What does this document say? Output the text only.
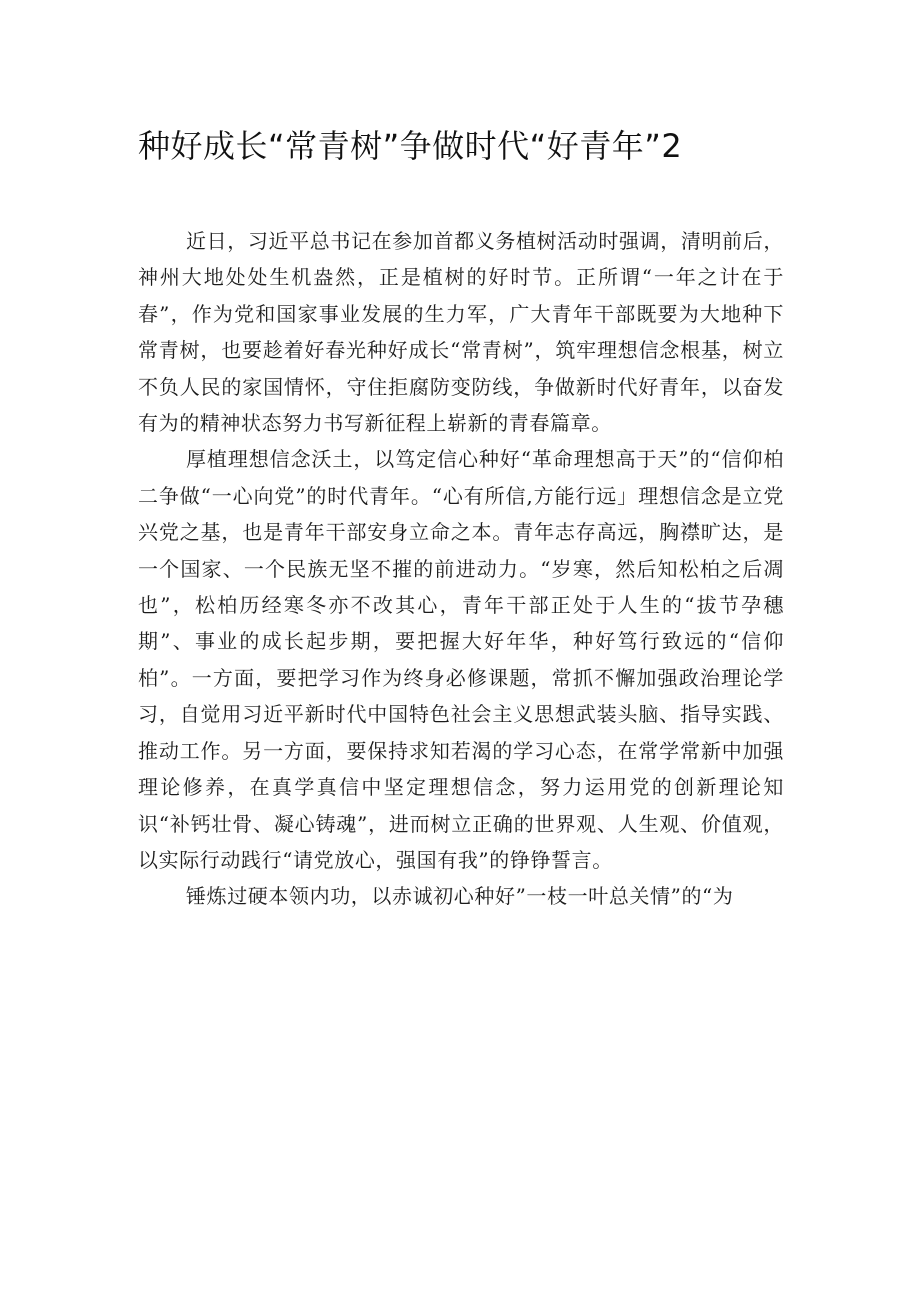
种好成长“常青树”争做时代“好青年”2

近日，习近平总书记在参加首都义务植树活动时强调，清明前后，神州大地处处生机盎然，正是植树的好时节。正所谓“一年之计在于春”，作为党和国家事业发展的生力军，广大青年干部既要为大地种下常青树，也要趁着好春光种好成长“常青树”，筑牢理想信念根基，树立不负人民的家国情怀，守住拒腐防变防线，争做新时代好青年，以奋发有为的精神状态努力书写新征程上崭新的青春篇章。

厚植理想信念沃土，以笃定信心种好“革命理想高于天”的“信仰柏二争做“一心向党”的时代青年。“心有所信,方能行远」理想信念是立党兴党之基，也是青年干部安身立命之本。青年志存高远，胸襟旷达，是一个国家、一个民族无坚不摧的前进动力。“岁寒，然后知松柏之后凋也”，松柏历经寒冬亦不改其心，青年干部正处于人生的“拔节孕穗期”、事业的成长起步期，要把握大好年华，种好笃行致远的“信仰柏”。一方面，要把学习作为终身必修课题，常抓不懈加强政治理论学习，自觉用习近平新时代中国特色社会主义思想武装头脑、指导实践、推动工作。另一方面，要保持求知若渴的学习心态，在常学常新中加强理论修养，在真学真信中坚定理想信念，努力运用党的创新理论知识“补钙壮骨、凝心铸魂”，进而树立正确的世界观、人生观、价值观，以实际行动践行“请党放心，强国有我”的铮铮誓言。

锤炼过硬本领内功，以赤诚初心种好”一枝一叶总关情”的“为
